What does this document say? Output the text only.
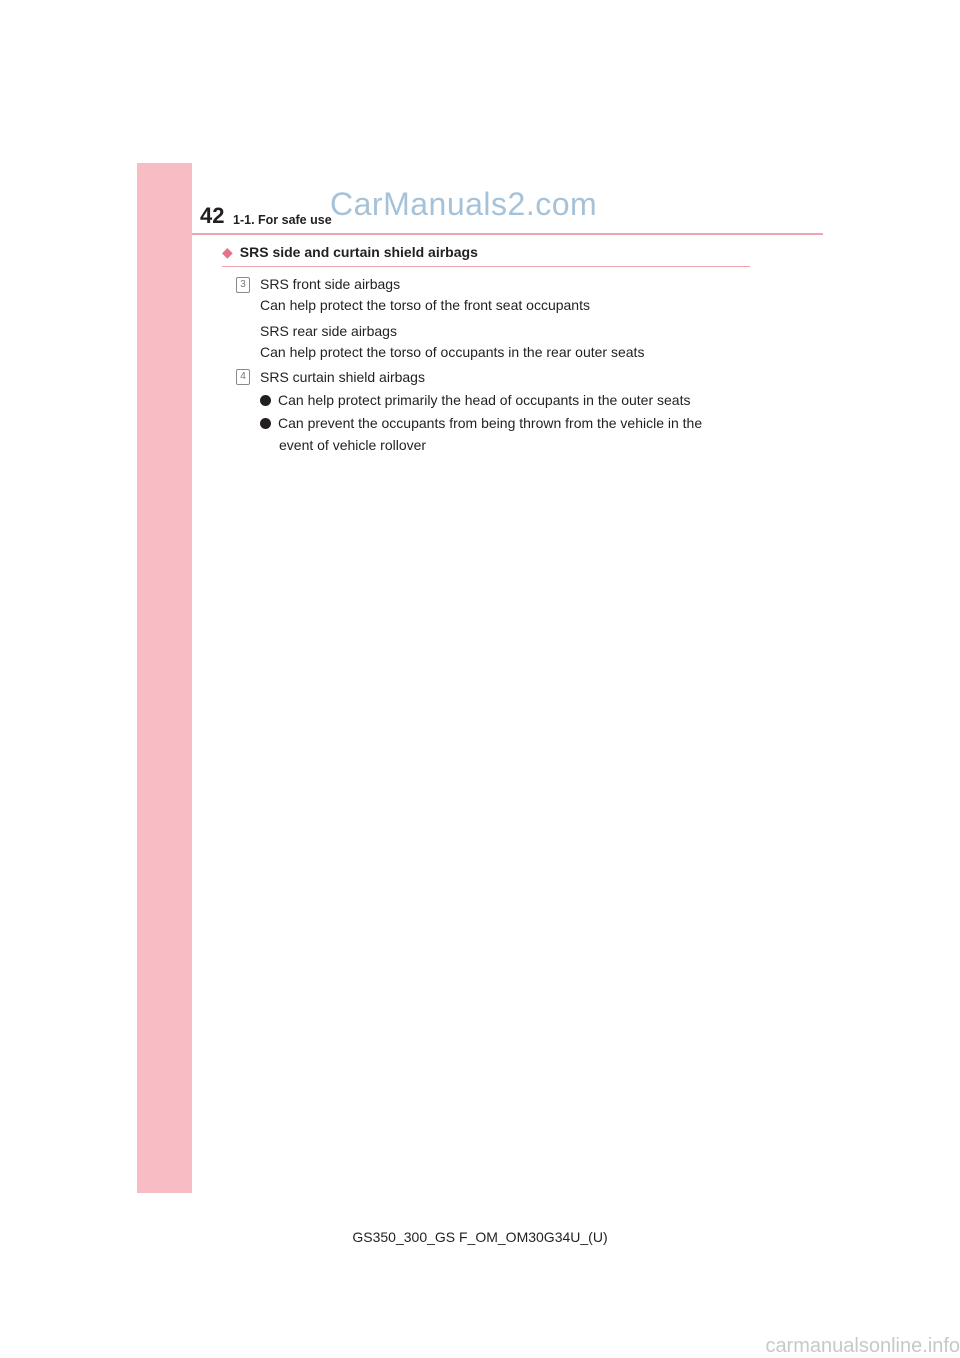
42 1-1. For safe use
CarManuals2.com
◆ SRS side and curtain shield airbags
3	SRS front side airbags
Can help protect the torso of the front seat occupants
SRS rear side airbags
Can help protect the torso of occupants in the rear outer seats
4	SRS curtain shield airbags
Can help protect primarily the head of occupants in the outer seats
Can prevent the occupants from being thrown from the vehicle in the
event of vehicle rollover
GS350_300_GS F_OM_OM30G34U_(U)
carmanualsonline.info
